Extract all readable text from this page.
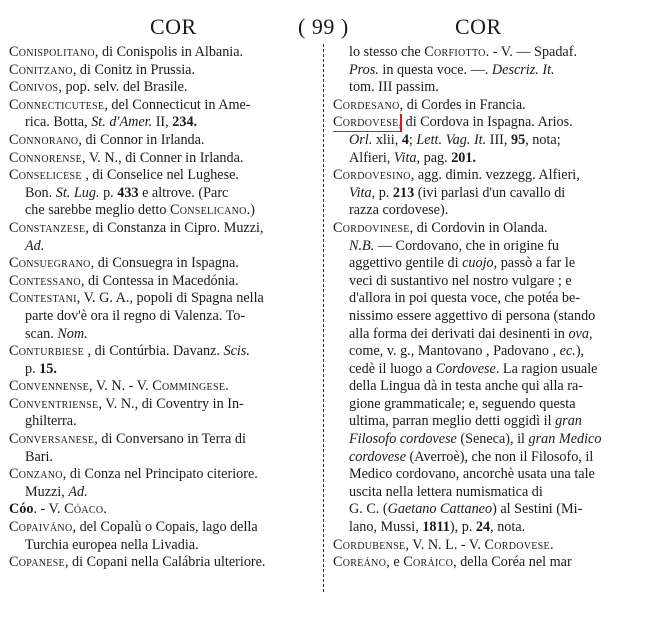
COR	( 99 )	COR
Conispolitano, di Conispolis in Albania.
Conitzano, di Conitz in Prussia.
Conivos, pop. selv. del Brasile.
Connecticutese, del Connecticut in Ame-
rica. Botta, St. d'Amer. II, 234.
Connorano, di Connor in Irlanda.
Connorense, V. N., di Conner in Irlanda.
Conselicese , di Conselice nel Lughese.
Bon. St. Lug. p. 433 e altrove. (Parc
che sarebbe meglio detto Conselicano.)
Constanzese, di Constanza in Cipro. Muzzi,
Ad.
Consuegrano, di Consuegra in Ispagna.
Contessano, di Contessa in Macedónia.
Contestani, V. G. A., popoli di Spagna nella
parte dov'è ora il regno di Valenza. To-
scan. Nom.
Conturbiese , di Contúrbia. Davanz. Scis.
p. 15.
Convennense, V. N. - V. Commingese.
Conventriense, V. N., di Coventry in In-
ghilterra.
Conversanese, di Conversano in Terra di
Bari.
Conzano, di Conza nel Principato citeriore.
Muzzi, Ad.
Cóo. - V. Cóaco.
Copaiváno, del Copalù o Copais, lago della
Turchia europea nella Livadia.
Copanese, di Copani nella Calábria ulteriore.
lo stesso che Corfiotto. - V. — Spadaf.
Pros. in questa voce. —. Descriz. It.
tom. III passim.
Cordesano, di Cordes in Francia.
Cordovese, di Cordova in Ispagna. Arios.
Orl. xlii, 4; Lett. Vag. It. III, 95, nota;
Alfieri, Vita, pag. 201.
Cordovesino, agg. dimin. vezzegg. Alfieri,
Vita, p. 213 (ivi parlasi d'un cavallo di
razza cordovese).
Cordovinese, di Cordovin in Olanda.
N.B. — Cordovano, che in origine fu
aggettivo gentile di cuojo, passò a far le
veci di sustantivo nel nostro vulgare ; e
d'allora in poi questa voce, che potéa be-
nissimo essere aggettivo di persona (stando
alla forma dei derivati dai desinenti in ova,
come, v. g., Mantovano , Padovano , ec.),
cedè il luogo a Cordovese. La ragion usuale
della Lingua dà in testa anche qui alla ra-
gione grammaticale; e, seguendo questa
ultima, parran meglio detti oggidì il gran
Filosofo cordovese (Seneca), il gran Medico
cordovese (Averroè), che non il Filosofo, il
Medico cordovano, ancorchè usata una tale
uscita nella lettera numismatica di
G. C. (Gaetano Cattaneo) al Sestini (Mi-
lano, Mussi, 1811), p. 24, nota.
Cordubense, V. N. L. - V. Cordovese.
Coreáno, e Coráico, della Coréa nel mar
